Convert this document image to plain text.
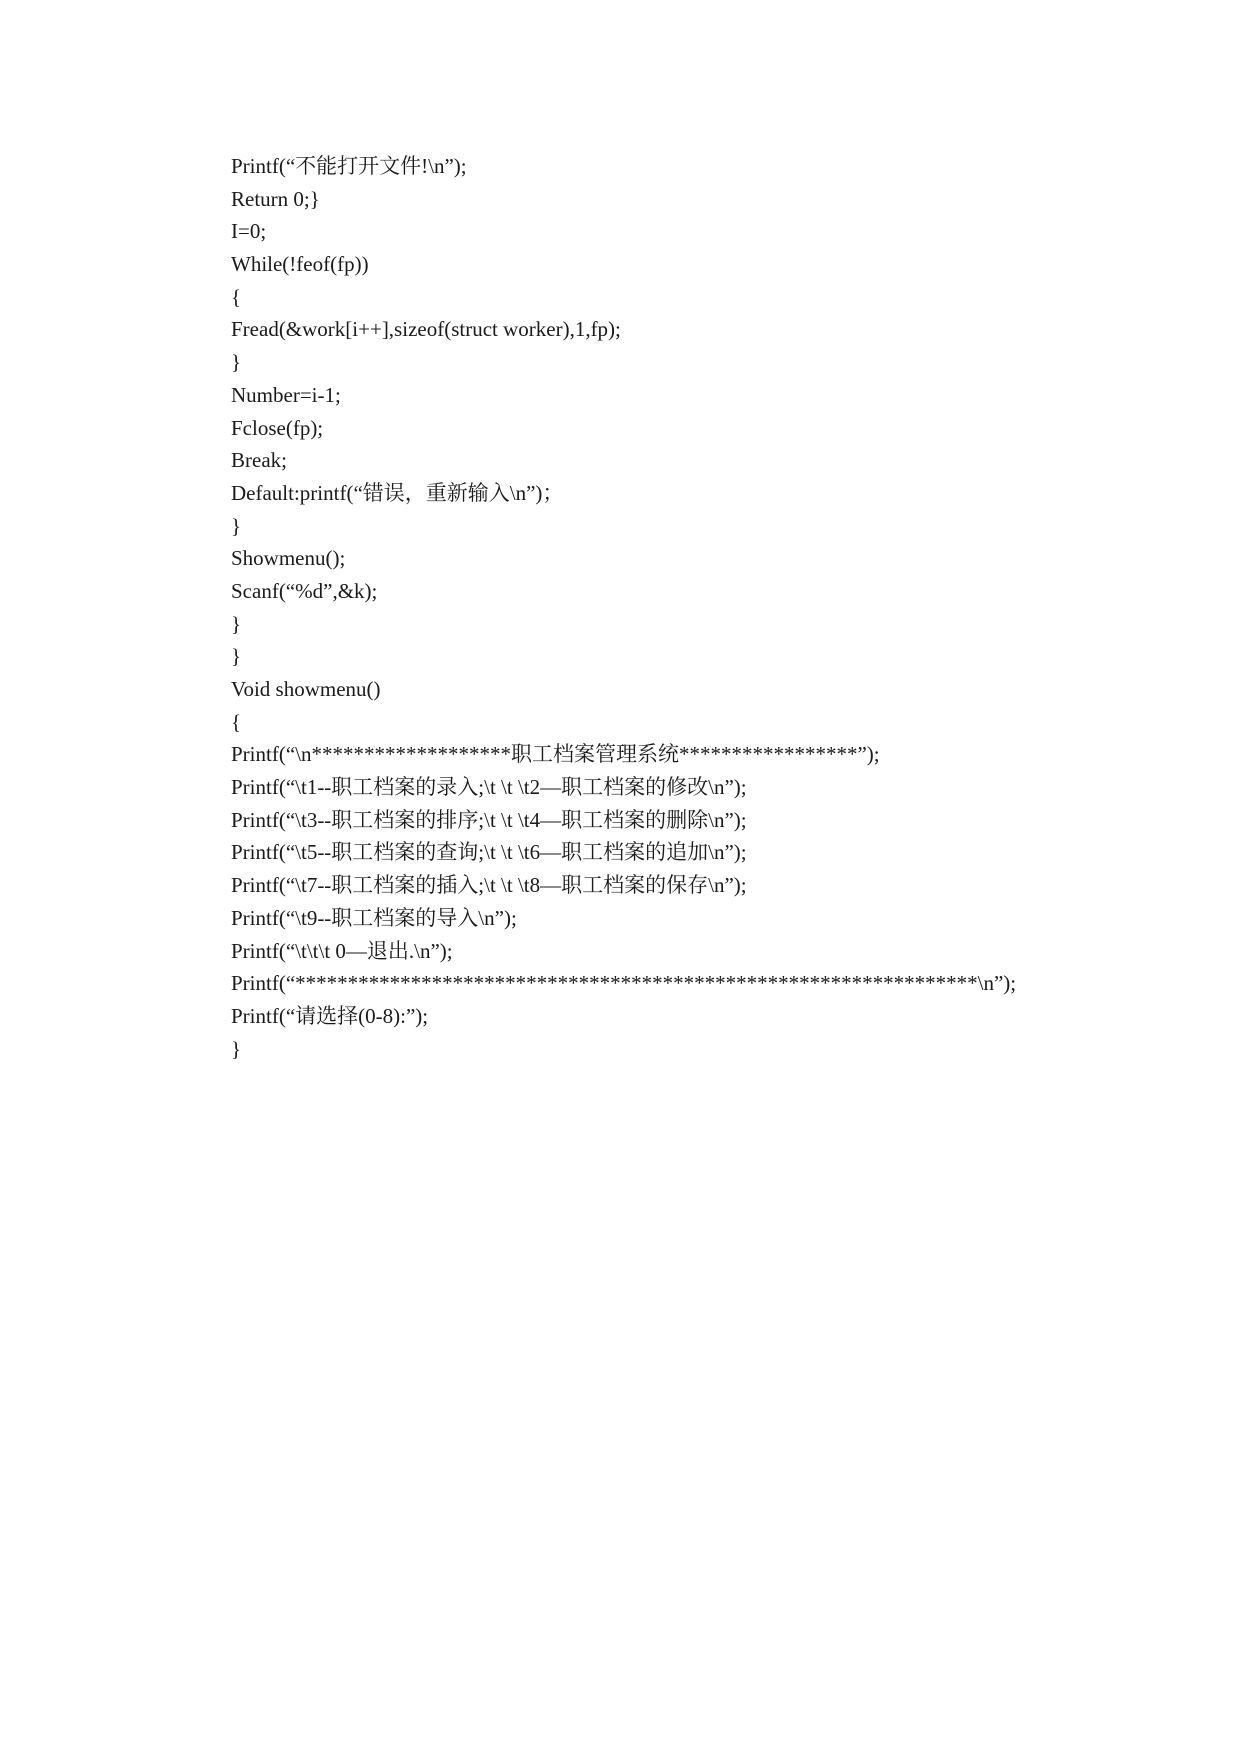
Printf(“不能打开文件!\n”);
Return 0;}
I=0;
While(!feof(fp))
{
Fread(&work[i++],sizeof(struct worker),1,fp);
}
Number=i-1;
Fclose(fp);
Break;
Default:printf(“错误，重新输入\n”)；
}
Showmenu();
Scanf(“%d”,&k);
}
}
Void showmenu()
{
Printf(“\n*******************职工档案管理系统*****************”);
Printf(“\t1--职工档案的录入;\t \t \t2—职工档案的修改\n”);
Printf(“\t3--职工档案的排序;\t \t \t4—职工档案的删除\n”);
Printf(“\t5--职工档案的查询;\t \t \t6—职工档案的追加\n”);
Printf(“\t7--职工档案的插入;\t \t \t8—职工档案的保存\n”);
Printf(“\t9--职工档案的导入\n”);
Printf(“\t\t\t 0—退出.\n”);
Printf(“*****************************************************************\n”);
Printf(“请选择(0-8):”);
}
